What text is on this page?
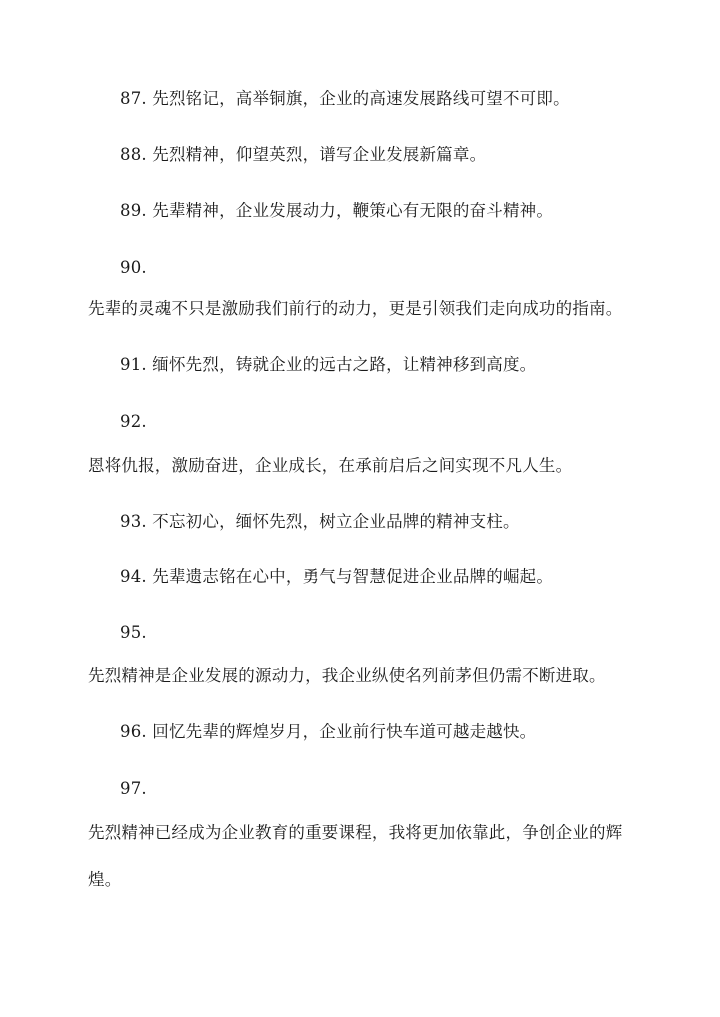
87. 先烈铭记，高举铜旗，企业的高速发展路线可望不可即。
88. 先烈精神，仰望英烈，谱写企业发展新篇章。
89. 先辈精神，企业发展动力，鞭策心有无限的奋斗精神。
90.
先辈的灵魂不只是激励我们前行的动力，更是引领我们走向成功的指南。
91. 缅怀先烈，铸就企业的远古之路，让精神移到高度。
92.
恩将仇报，激励奋进，企业成长，在承前启后之间实现不凡人生。
93. 不忘初心，缅怀先烈，树立企业品牌的精神支柱。
94. 先辈遗志铭在心中，勇气与智慧促进企业品牌的崛起。
95.
先烈精神是企业发展的源动力，我企业纵使名列前茅但仍需不断进取。
96. 回忆先辈的辉煌岁月，企业前行快车道可越走越快。
97.
先烈精神已经成为企业教育的重要课程，我将更加依靠此，争创企业的辉
煌。
